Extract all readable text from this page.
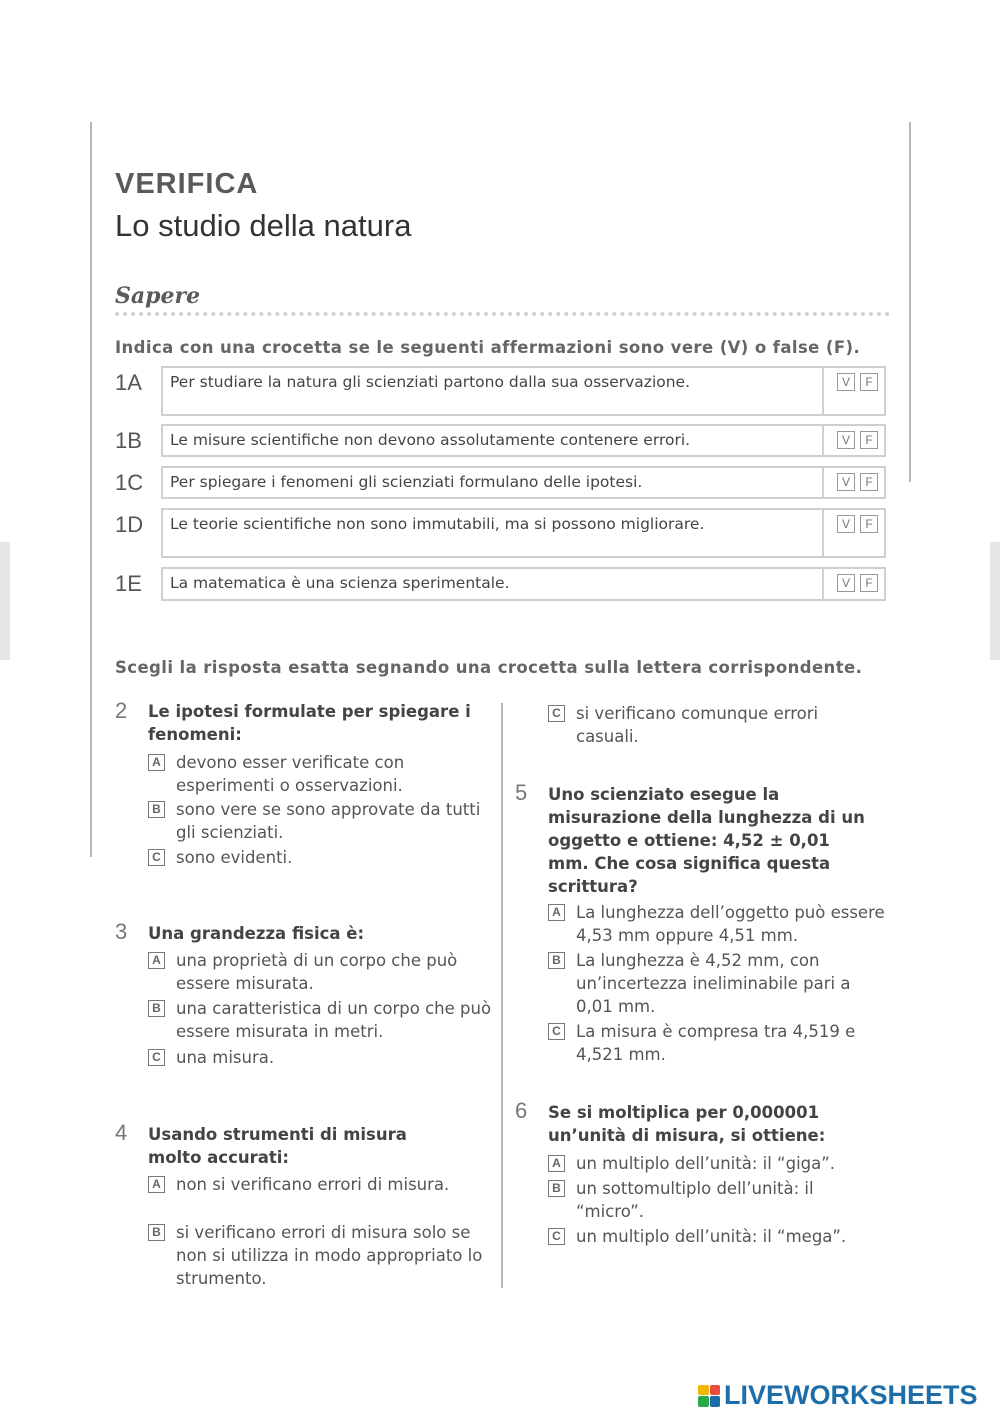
VERIFICA
Lo studio della natura
Sapere
Indica con una crocetta se le seguenti affermazioni sono vere (V) o false (F).
1A Per studiare la natura gli scienziati partono dalla sua osservazione.	V	F
1B Le misure scientifiche non devono assolutamente contenere errori.	V	F
1C Per spiegare i fenomeni gli scienziati formulano delle ipotesi.	V	F
1D Le teorie scientifiche non sono immutabili, ma si possono migliorare.	V	F
1E La matematica è una scienza sperimentale.	V	F
Scegli la risposta esatta segnando una crocetta sulla lettera corrispondente.
2 Le ipotesi formulate per spiegare i fenomeni:
A devono esser verificate con esperimenti o osservazioni.
B sono vere se sono approvate da tutti gli scienziati.
C sono evidenti.
3 Una grandezza fisica è:
A una proprietà di un corpo che può essere misurata.
B una caratteristica di un corpo che può essere misurata in metri.
C una misura.
4 Usando strumenti di misura molto accurati:
A non si verificano errori di misura.
B si verificano errori di misura solo se non si utilizza in modo appropriato lo strumento.
C si verificano comunque errori casuali.
5 Uno scienziato esegue la misurazione della lunghezza di un oggetto e ottiene: 4,52 ± 0,01 mm. Che cosa significa questa scrittura?
A La lunghezza dell’oggetto può essere 4,53 mm oppure 4,51 mm.
B La lunghezza è 4,52 mm, con un’incertezza ineliminabile pari a 0,01 mm.
C La misura è compresa tra 4,519 e 4,521 mm.
6 Se si moltiplica per 0,000001 un’unità di misura, si ottiene:
A un multiplo dell’unità: il “giga”.
B un sottomultiplo dell’unità: il “micro”.
C un multiplo dell’unità: il “mega”.
LIVEWORKSHEETS
